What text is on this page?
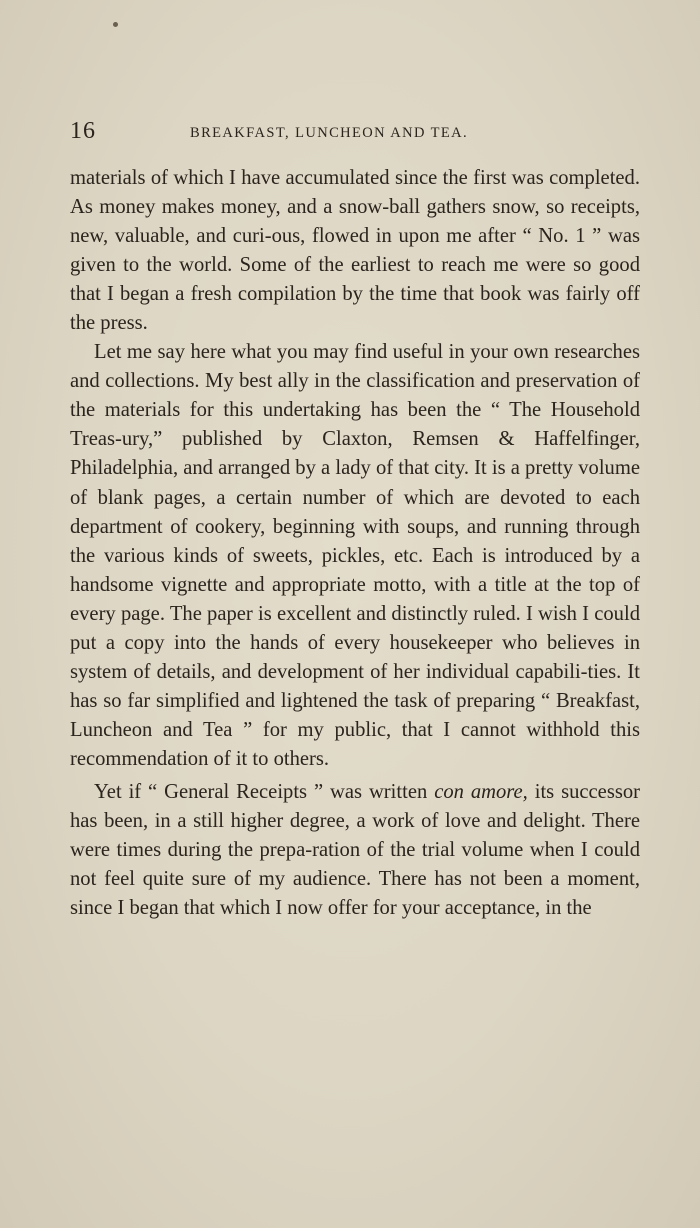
16	BREAKFAST, LUNCHEON AND TEA.

materials of which I have accumulated since the first was completed. As money makes money, and a snow-ball gathers snow, so receipts, new, valuable, and curi-ous, flowed in upon me after “ No. 1 ” was given to the world. Some of the earliest to reach me were so good that I began a fresh compilation by the time that book was fairly off the press.

Let me say here what you may find useful in your own researches and collections. My best ally in the classification and preservation of the materials for this undertaking has been the “ The Household Treas-ury,” published by Claxton, Remsen & Haffelfinger, Philadelphia, and arranged by a lady of that city. It is a pretty volume of blank pages, a certain number of which are devoted to each department of cookery, beginning with soups, and running through the various kinds of sweets, pickles, etc. Each is introduced by a handsome vignette and appropriate motto, with a title at the top of every page. The paper is excellent and distinctly ruled. I wish I could put a copy into the hands of every housekeeper who believes in system of details, and development of her individual capabili-ties. It has so far simplified and lightened the task of preparing “ Breakfast, Luncheon and Tea ” for my public, that I cannot withhold this recommendation of it to others.

Yet if “ General Receipts ” was written con amore, its successor has been, in a still higher degree, a work of love and delight. There were times during the prepa-ration of the trial volume when I could not feel quite sure of my audience. There has not been a moment, since I began that which I now offer for your acceptance, in the
